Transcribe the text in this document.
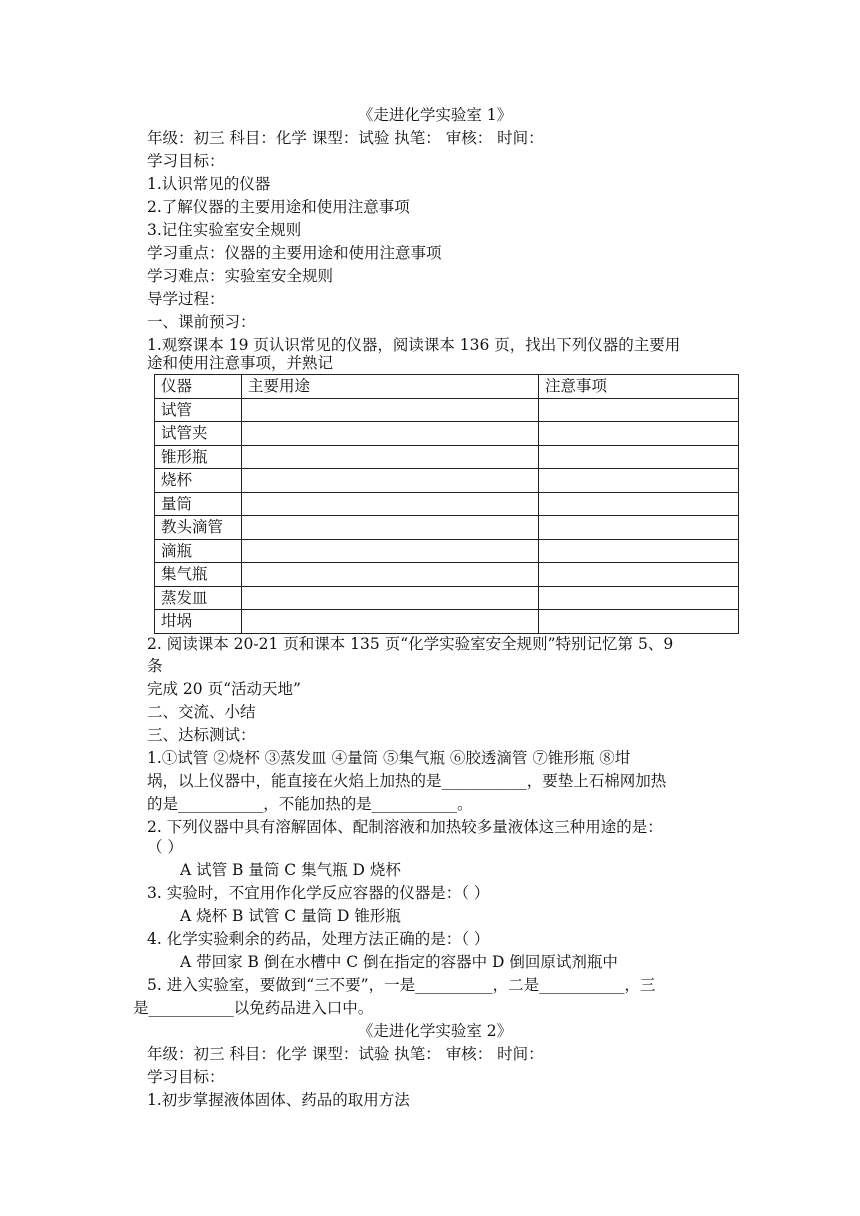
《走进化学实验室 1》
年级：初三 科目：化学 课型：试验 执笔： 审核： 时间：
学习目标：
1.认识常见的仪器
2.了解仪器的主要用途和使用注意事项
3.记住实验室安全规则
学习重点：仪器的主要用途和使用注意事项
学习难点：实验室安全规则
导学过程：
一、课前预习：
1.观察课本 19 页认识常见的仪器，阅读课本 136 页，找出下列仪器的主要用
途和使用注意事项，并熟记
仪器	主要用途	注意事项
试管		
试管夹		
锥形瓶		
烧杯		
量筒		
教头滴管		
滴瓶		
集气瓶		
蒸发皿		
坩埚		
2. 阅读课本 20-21 页和课本 135 页“化学实验室安全规则”特别记忆第 5、9
条
完成 20 页“活动天地”
二、交流、小结
三、达标测试：
1.①试管 ②烧杯 ③蒸发皿 ④量筒 ⑤集气瓶 ⑥胶透滴管 ⑦锥形瓶 ⑧坩
埚，以上仪器中，能直接在火焰上加热的是___________，要垫上石棉网加热
的是___________，不能加热的是___________。
2. 下列仪器中具有溶解固体、配制溶液和加热较多量液体这三种用途的是：
（ ）
A 试管 B 量筒 C 集气瓶 D 烧杯
3. 实验时，不宜用作化学反应容器的仪器是：（ ）
A 烧杯 B 试管 C 量筒 D 锥形瓶
4. 化学实验剩余的药品，处理方法正确的是：（ ）
A 带回家 B 倒在水槽中 C 倒在指定的容器中 D 倒回原试剂瓶中
5. 进入实验室，要做到“三不要”，一是__________，二是___________，三
是___________以免药品进入口中。
《走进化学实验室 2》
年级：初三 科目：化学 课型：试验 执笔： 审核： 时间：
学习目标：
1.初步掌握液体固体、药品的取用方法
